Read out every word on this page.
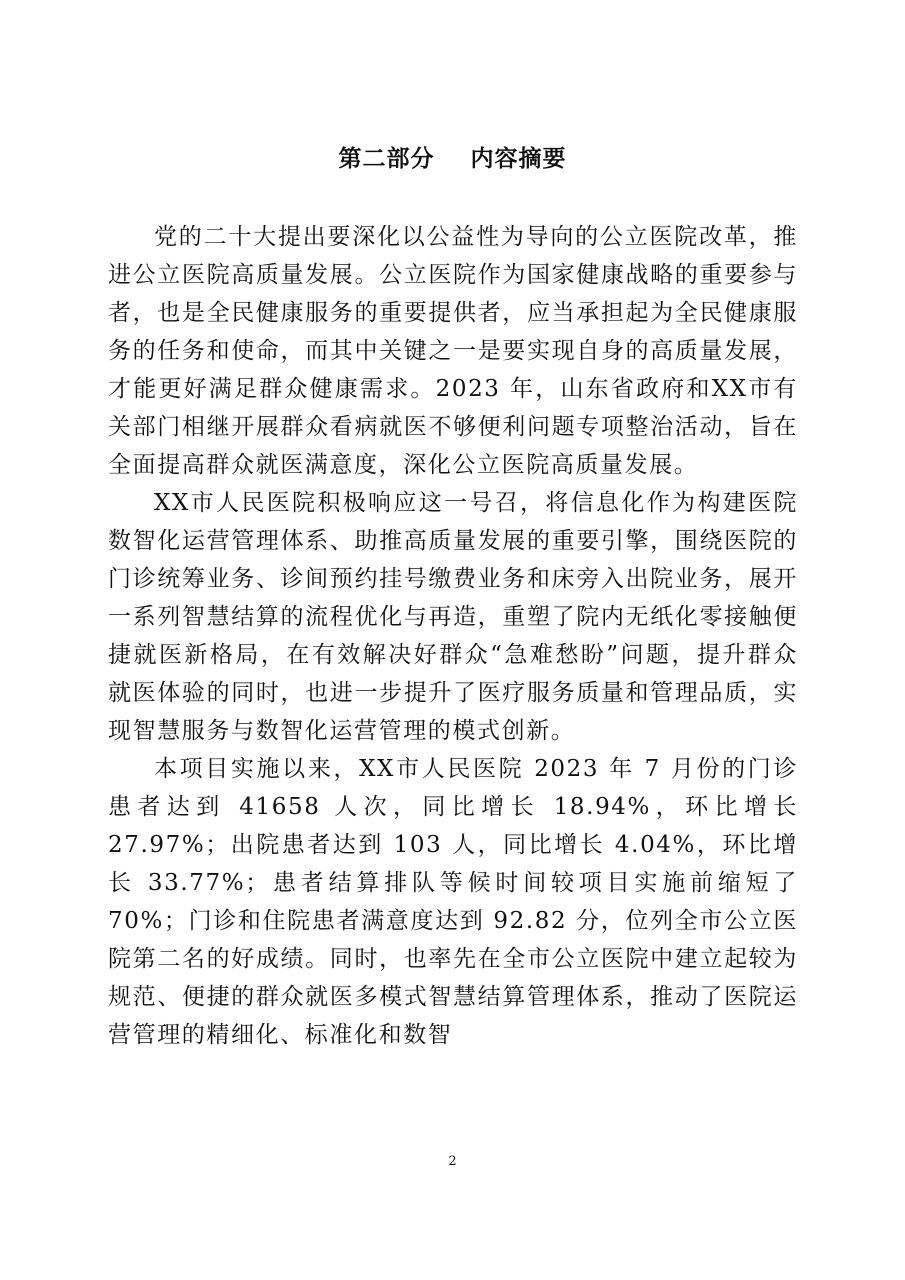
第二部分    内容摘要

党的二十大提出要深化以公益性为导向的公立医院改革，推进公立医院高质量发展。公立医院作为国家健康战略的重要参与者，也是全民健康服务的重要提供者，应当承担起为全民健康服务的任务和使命，而其中关键之一是要实现自身的高质量发展，才能更好满足群众健康需求。2023 年，山东省政府和XX市有关部门相继开展群众看病就医不够便利问题专项整治活动，旨在全面提高群众就医满意度，深化公立医院高质量发展。

XX市人民医院积极响应这一号召，将信息化作为构建医院数智化运营管理体系、助推高质量发展的重要引擎，围绕医院的门诊统筹业务、诊间预约挂号缴费业务和床旁入出院业务，展开一系列智慧结算的流程优化与再造，重塑了院内无纸化零接触便捷就医新格局，在有效解决好群众“急难愁盼”问题，提升群众就医体验的同时，也进一步提升了医疗服务质量和管理品质，实现智慧服务与数智化运营管理的模式创新。

本项目实施以来，XX市人民医院 2023 年 7 月份的门诊患者达到 41658 人次，同比增长 18.94%，环比增长 27.97%；出院患者达到 103 人，同比增长 4.04%，环比增长 33.77%；患者结算排队等候时间较项目实施前缩短了 70%；门诊和住院患者满意度达到 92.82 分，位列全市公立医院第二名的好成绩。同时，也率先在全市公立医院中建立起较为规范、便捷的群众就医多模式智慧结算管理体系，推动了医院运营管理的精细化、标准化和数智

2
